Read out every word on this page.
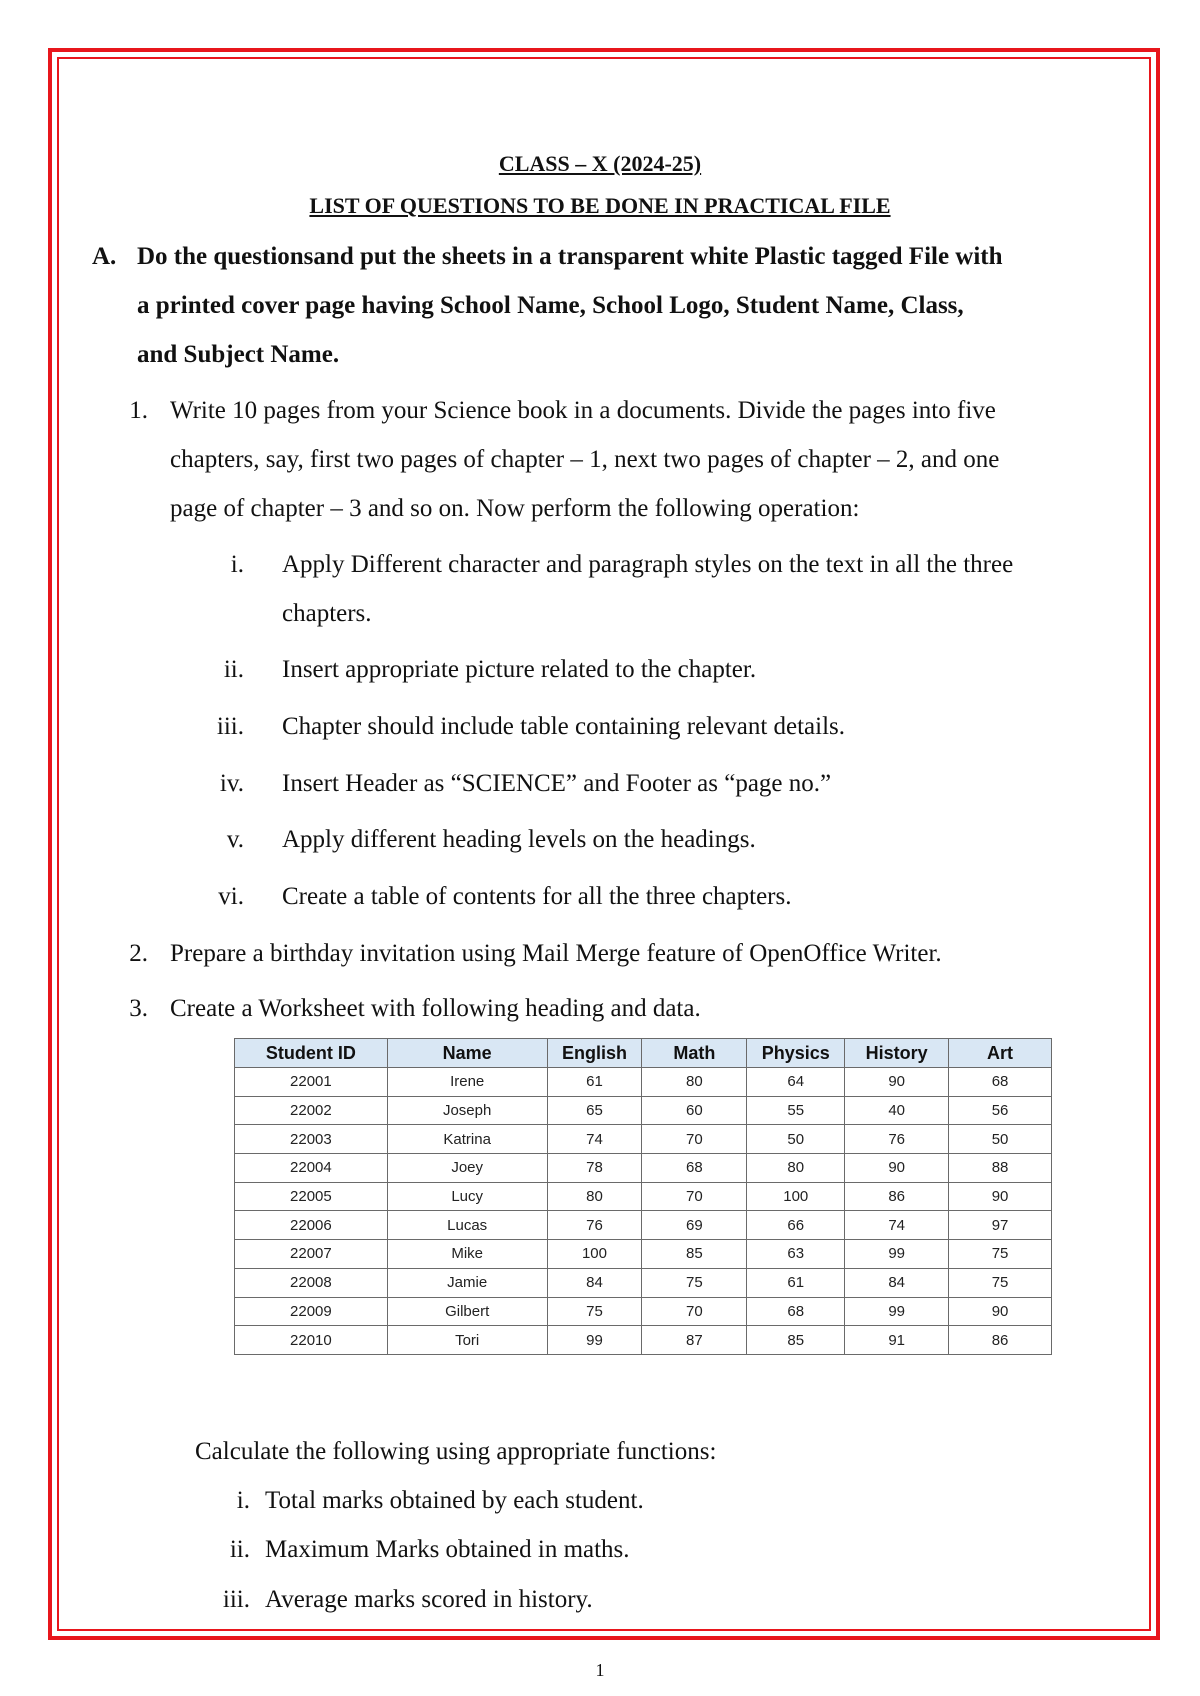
CLASS – X (2024-25)
LIST OF QUESTIONS TO BE DONE IN PRACTICAL FILE
A. Do the questionsand put the sheets in a transparent white Plastic tagged File with
a printed cover page having School Name, School Logo, Student Name, Class,
and Subject Name.
1. Write 10 pages from your Science book in a documents. Divide the pages into five
chapters, say, first two pages of chapter – 1, next two pages of chapter – 2, and one
page of chapter – 3 and so on. Now perform the following operation:
i. Apply Different character and paragraph styles on the text in all the three
chapters.
ii. Insert appropriate picture related to the chapter.
iii. Chapter should include table containing relevant details.
iv. Insert Header as “SCIENCE” and Footer as “page no.”
v. Apply different heading levels on the headings.
vi. Create a table of contents for all the three chapters.
2. Prepare a birthday invitation using Mail Merge feature of OpenOffice Writer.
3. Create a Worksheet with following heading and data.
Student ID	Name	English	Math	Physics	History	Art
22001	Irene	61	80	64	90	68
22002	Joseph	65	60	55	40	56
22003	Katrina	74	70	50	76	50
22004	Joey	78	68	80	90	88
22005	Lucy	80	70	100	86	90
22006	Lucas	76	69	66	74	97
22007	Mike	100	85	63	99	75
22008	Jamie	84	75	61	84	75
22009	Gilbert	75	70	68	99	90
22010	Tori	99	87	85	91	86
Calculate the following using appropriate functions:
i. Total marks obtained by each student.
ii. Maximum Marks obtained in maths.
iii. Average marks scored in history.
1
